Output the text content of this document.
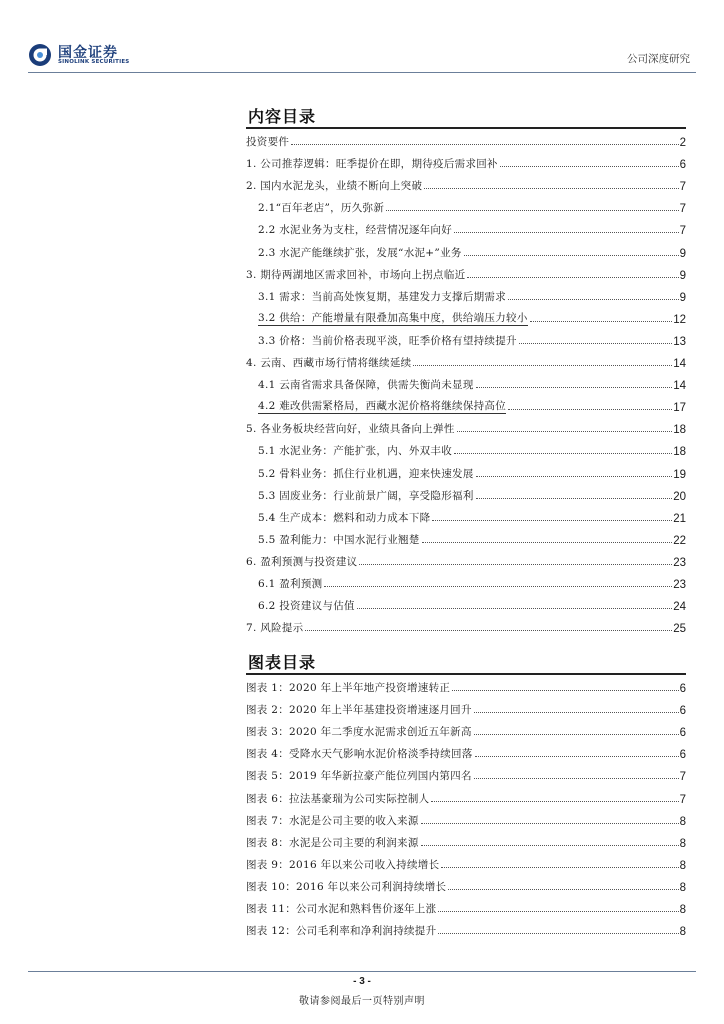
国金证券
SINOLINK SECURITIES	公司深度研究
内容目录
投资要件	2
1. 公司推荐逻辑：旺季提价在即，期待疫后需求回补	6
2. 国内水泥龙头，业绩不断向上突破	7
2.1“百年老店”，历久弥新	7
2.2 水泥业务为支柱，经营情况逐年向好	7
2.3 水泥产能继续扩张，发展“水泥+”业务	9
3. 期待两湖地区需求回补，市场向上拐点临近	9
3.1 需求：当前高处恢复期，基建发力支撑后期需求	9
3.2 供给：产能增量有限叠加高集中度，供给端压力较小	12
3.3 价格：当前价格表现平淡，旺季价格有望持续提升	13
4. 云南、西藏市场行情将继续延续	14
4.1 云南省需求具备保障，供需失衡尚未显现	14
4.2 难改供需紧格局，西藏水泥价格将继续保持高位	17
5. 各业务板块经营向好，业绩具备向上弹性	18
5.1 水泥业务：产能扩张，内、外双丰收	18
5.2 骨料业务：抓住行业机遇，迎来快速发展	19
5.3 固废业务：行业前景广阔，享受隐形福利	20
5.4 生产成本：燃料和动力成本下降	21
5.5 盈利能力：中国水泥行业翘楚	22
6. 盈利预测与投资建议	23
6.1 盈利预测	23
6.2 投资建议与估值	24
7. 风险提示	25
图表目录
图表 1：2020 年上半年地产投资增速转正	6
图表 2：2020 年上半年基建投资增速逐月回升	6
图表 3：2020 年二季度水泥需求创近五年新高	6
图表 4：受降水天气影响水泥价格淡季持续回落	6
图表 5：2019 年华新拉豪产能位列国内第四名	7
图表 6：拉法基豪瑞为公司实际控制人	7
图表 7：水泥是公司主要的收入来源	8
图表 8：水泥是公司主要的利润来源	8
图表 9：2016 年以来公司收入持续增长	8
图表 10：2016 年以来公司利润持续增长	8
图表 11：公司水泥和熟料售价逐年上涨	8
图表 12：公司毛利率和净利润持续提升	8
- 3 -
敬请参阅最后一页特别声明
